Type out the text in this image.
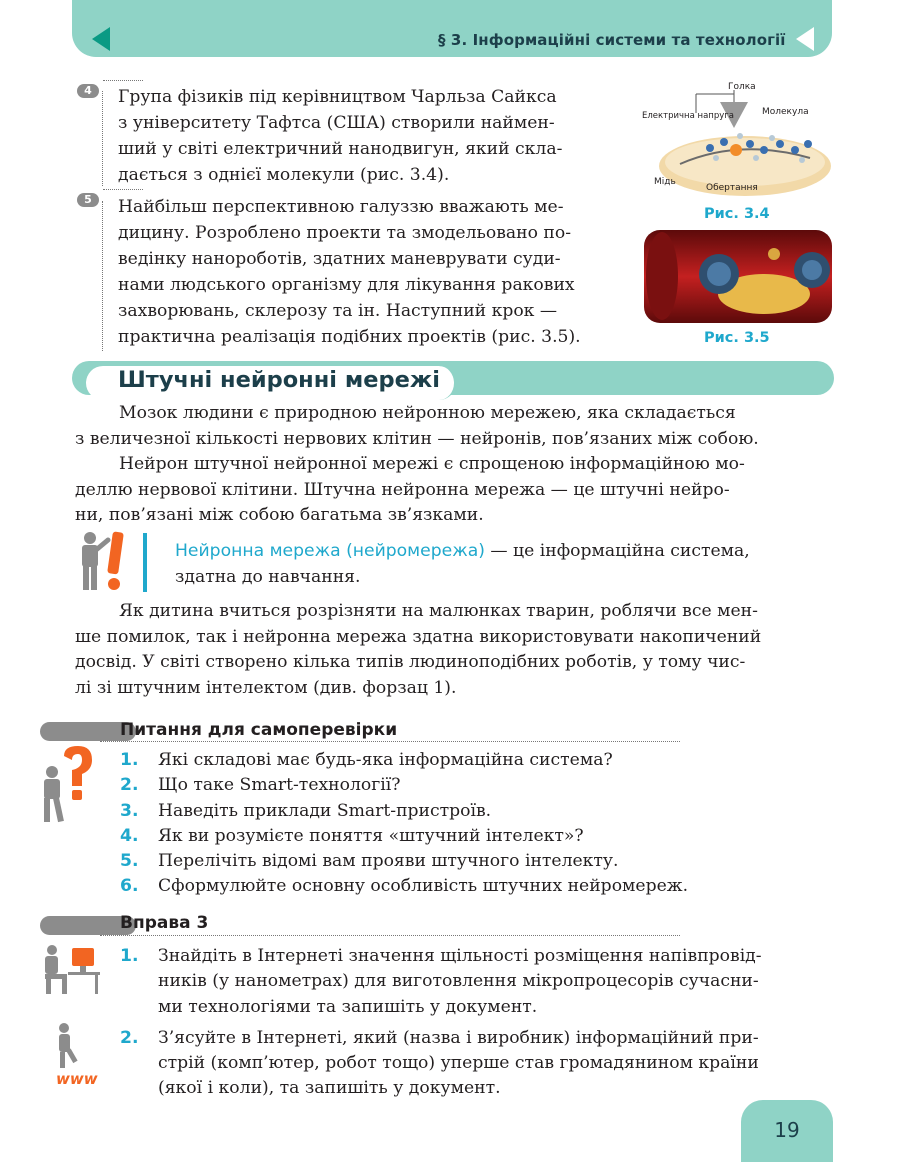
§ 3. Інформаційні системи та технології
4	Група фізиків під керівництвом Чарльза Сайкса

з університету Тафтса (США) створили наймен-

ший у світі електричний нанодвигун, який скла-

дається з однієї молекули (рис. 3.4).

5	Найбільш перспективною галуззю вважають ме-

дицину. Розроблено проекти та змодельовано по-

ведінку нанороботів, здатних маневрувати суди-

нами людського організму для лікування ракових

захворювань, склерозу та ін. Наступний крок —

практична реалізація подібних проектів (рис. 3.5).

Голка
Електрична напруга	Молекула
Мідь
Обертання
Рис. 3.4
Рис. 3.5
Штучні нейронні мережі

Мозок людини є природною нейронною мережею, яка складається

з величезної кількості нервових клітин — нейронів, пов’язаних між собою.

Нейрон штучної нейронної мережі є спрощеною інформаційною мо-

деллю нервової клітини. Штучна нейронна мережа — це штучні нейро-

ни, пов’язані між собою багатьма зв’язками.

Нейронна мережа (нейромережа) — це інформаційна система,
здатна до навчання.

Як дитина вчиться розрізняти на малюнках тварин, роблячи все мен-

ше помилок, так і нейронна мережа здатна використовувати накопичений

досвід. У світі створено кілька типів людиноподібних роботів, у тому чис-

лі зі штучним інтелектом (див. форзац 1).

Питання для самоперевірки
1.	Які складові має будь-яка інформаційна система?
2.	Що таке Smart-технології?
3.	Наведіть приклади Smart-пристроїв.
4.	Як ви розумієте поняття «штучний інтелект»?
5.	Перелічіть відомі вам прояви штучного інтелекту.
6.	Сформулюйте основну особливість штучних нейромереж.
Вправа 3
www
1.	Знайдіть в Інтернеті значення щільності розміщення напівпровід-
ників (у нанометрах) для виготовлення мікропроцесорів сучасни-
ми технологіями та запишіть у документ.
2.	З’ясуйте в Інтернеті, який (назва і виробник) інформаційний при-
стрій (комп’ютер, робот тощо) уперше став громадянином країни
(якої і коли), та запишіть у документ.
19
